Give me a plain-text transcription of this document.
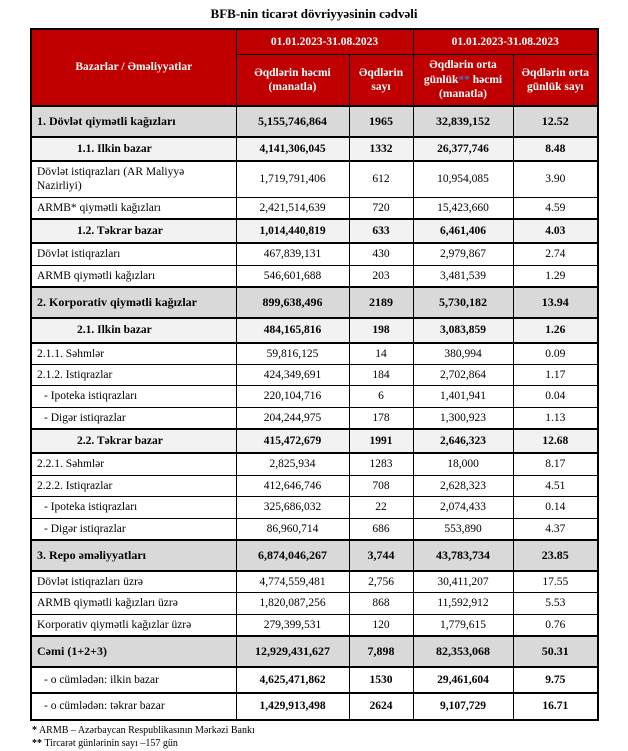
BFB-nin ticarət dövriyyəsinin cədvəli
Bazarlar / Əməliyyatlar	01.01.2023-31.08.2023		01.01.2023-31.08.2023	
	Əqdlərin həcmi (manatla)	Əqdlərin sayı	Əqdlərin orta günlük** həcmi (manatla)	Əqdlərin orta günlük sayı
1. Dövlət qiymətli kağızları	5,155,746,864	1965	32,839,152	12.52
1.1. Ilkin bazar	4,141,306,045	1332	26,377,746	8.48
Dövlət istiqrazları (AR Maliyyə Nazirliyi)	1,719,791,406	612	10,954,085	3.90
ARMB* qiymətli kağızları	2,421,514,639	720	15,423,660	4.59
1.2. Təkrar bazar	1,014,440,819	633	6,461,406	4.03
Dövlət istiqrazları	467,839,131	430	2,979,867	2.74
ARMB qiymətli kağızları	546,601,688	203	3,481,539	1.29
2. Korporativ qiymətli kağızlar	899,638,496	2189	5,730,182	13.94
2.1. Ilkin bazar	484,165,816	198	3,083,859	1.26
2.1.1. Səhmlər	59,816,125	14	380,994	0.09
2.1.2. Istiqrazlar	424,349,691	184	2,702,864	1.17
- Ipoteka istiqrazları	220,104,716	6	1,401,941	0.04
- Digər istiqrazlar	204,244,975	178	1,300,923	1.13
2.2. Təkrar bazar	415,472,679	1991	2,646,323	12.68
2.2.1. Səhmlər	2,825,934	1283	18,000	8.17
2.2.2. Istiqrazlar	412,646,746	708	2,628,323	4.51
- Ipoteka istiqrazları	325,686,032	22	2,074,433	0.14
- Digər istiqrazlar	86,960,714	686	553,890	4.37
3. Repo əməliyyatları	6,874,046,267	3,744	43,783,734	23.85
Dövlət istiqrazları üzrə	4,774,559,481	2,756	30,411,207	17.55
ARMB qiymətli kağızları üzrə	1,820,087,256	868	11,592,912	5.53
Korporativ qiymətli kağızlar üzrə	279,399,531	120	1,779,615	0.76
Cəmi (1+2+3)	12,929,431,627	7,898	82,353,068	50.31
- o cümlədən: ilkin bazar	4,625,471,862	1530	29,461,604	9.75
- o cümlədən: təkrar bazar	1,429,913,498	2624	9,107,729	16.71
* ARMB – Azərbaycan Respublikasının Mərkəzi Bankı
** Tircarət günlərinin sayı –157 gün
